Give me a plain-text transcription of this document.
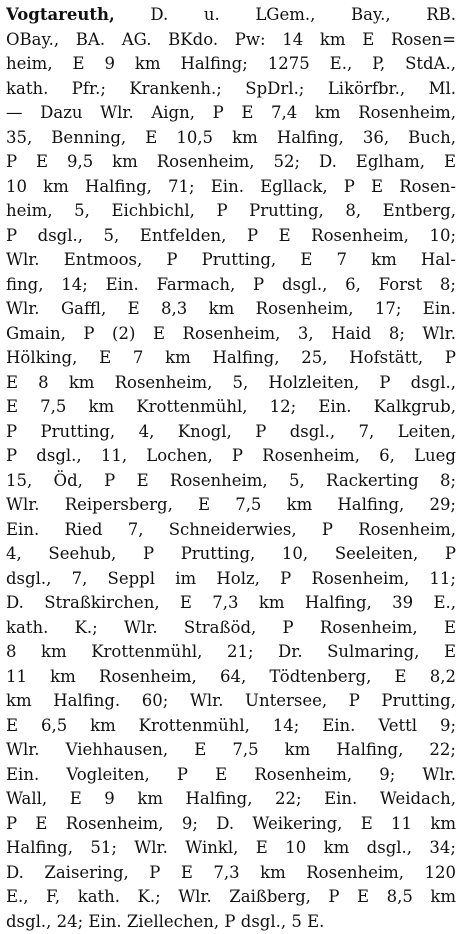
Vogtareuth, D. u. LGem., Bay., RB.
OBay., BA. AG. BKdo. Pw: 14 km E Rosen=
heim, E 9 km Halfing; 1275 E., P, StdA.,
kath. Pfr.; Krankenh.; SpDrl.; Likörfbr., Ml.
— Dazu Wlr. Aign, P E 7,4 km Rosenheim,
35, Benning, E 10,5 km Halfing, 36, Buch,
P E 9,5 km Rosenheim, 52; D. Eglham, E
10 km Halfing, 71; Ein. Egllack, P E Rosen-
heim, 5, Eichbichl, P Prutting, 8, Entberg,
P dsgl., 5, Entfelden, P E Rosenheim, 10;
Wlr. Entmoos, P Prutting, E 7 km Hal-
fing, 14; Ein. Farmach, P dsgl., 6, Forst 8;
Wlr. Gaffl, E 8,3 km Rosenheim, 17; Ein.
Gmain, P (2) E Rosenheim, 3, Haid 8; Wlr.
Hölking, E 7 km Halfing, 25, Hofstätt, P
E 8 km Rosenheim, 5, Holzleiten, P dsgl.,
E 7,5 km Krottenmühl, 12; Ein. Kalkgrub,
P Prutting, 4, Knogl, P dsgl., 7, Leiten,
P dsgl., 11, Lochen, P Rosenheim, 6, Lueg
15, Öd, P E Rosenheim, 5, Rackerting 8;
Wlr. Reipersberg, E 7,5 km Halfing, 29;
Ein. Ried 7, Schneiderwies, P Rosenheim,
4, Seehub, P Prutting, 10, Seeleiten, P
dsgl., 7, Seppl im Holz, P Rosenheim, 11;
D. Straßkirchen, E 7,3 km Halfing, 39 E.,
kath. K.; Wlr. Straßöd, P Rosenheim, E
8 km Krottenmühl, 21; Dr. Sulmaring, E
11 km Rosenheim, 64, Tödtenberg, E 8,2
km Halfing. 60; Wlr. Untersee, P Prutting,
E 6,5 km Krottenmühl, 14; Ein. Vettl 9;
Wlr. Viehhausen, E 7,5 km Halfing, 22;
Ein. Vogleiten, P E Rosenheim, 9; Wlr.
Wall, E 9 km Halfing, 22; Ein. Weidach,
P E Rosenheim, 9; D. Weikering, E 11 km
Halfing, 51; Wlr. Winkl, E 10 km dsgl., 34;
D. Zaisering, P E 7,3 km Rosenheim, 120
E., F, kath. K.; Wlr. Zaißberg, P E 8,5 km
dsgl., 24; Ein. Ziellechen, P dsgl., 5 E.
